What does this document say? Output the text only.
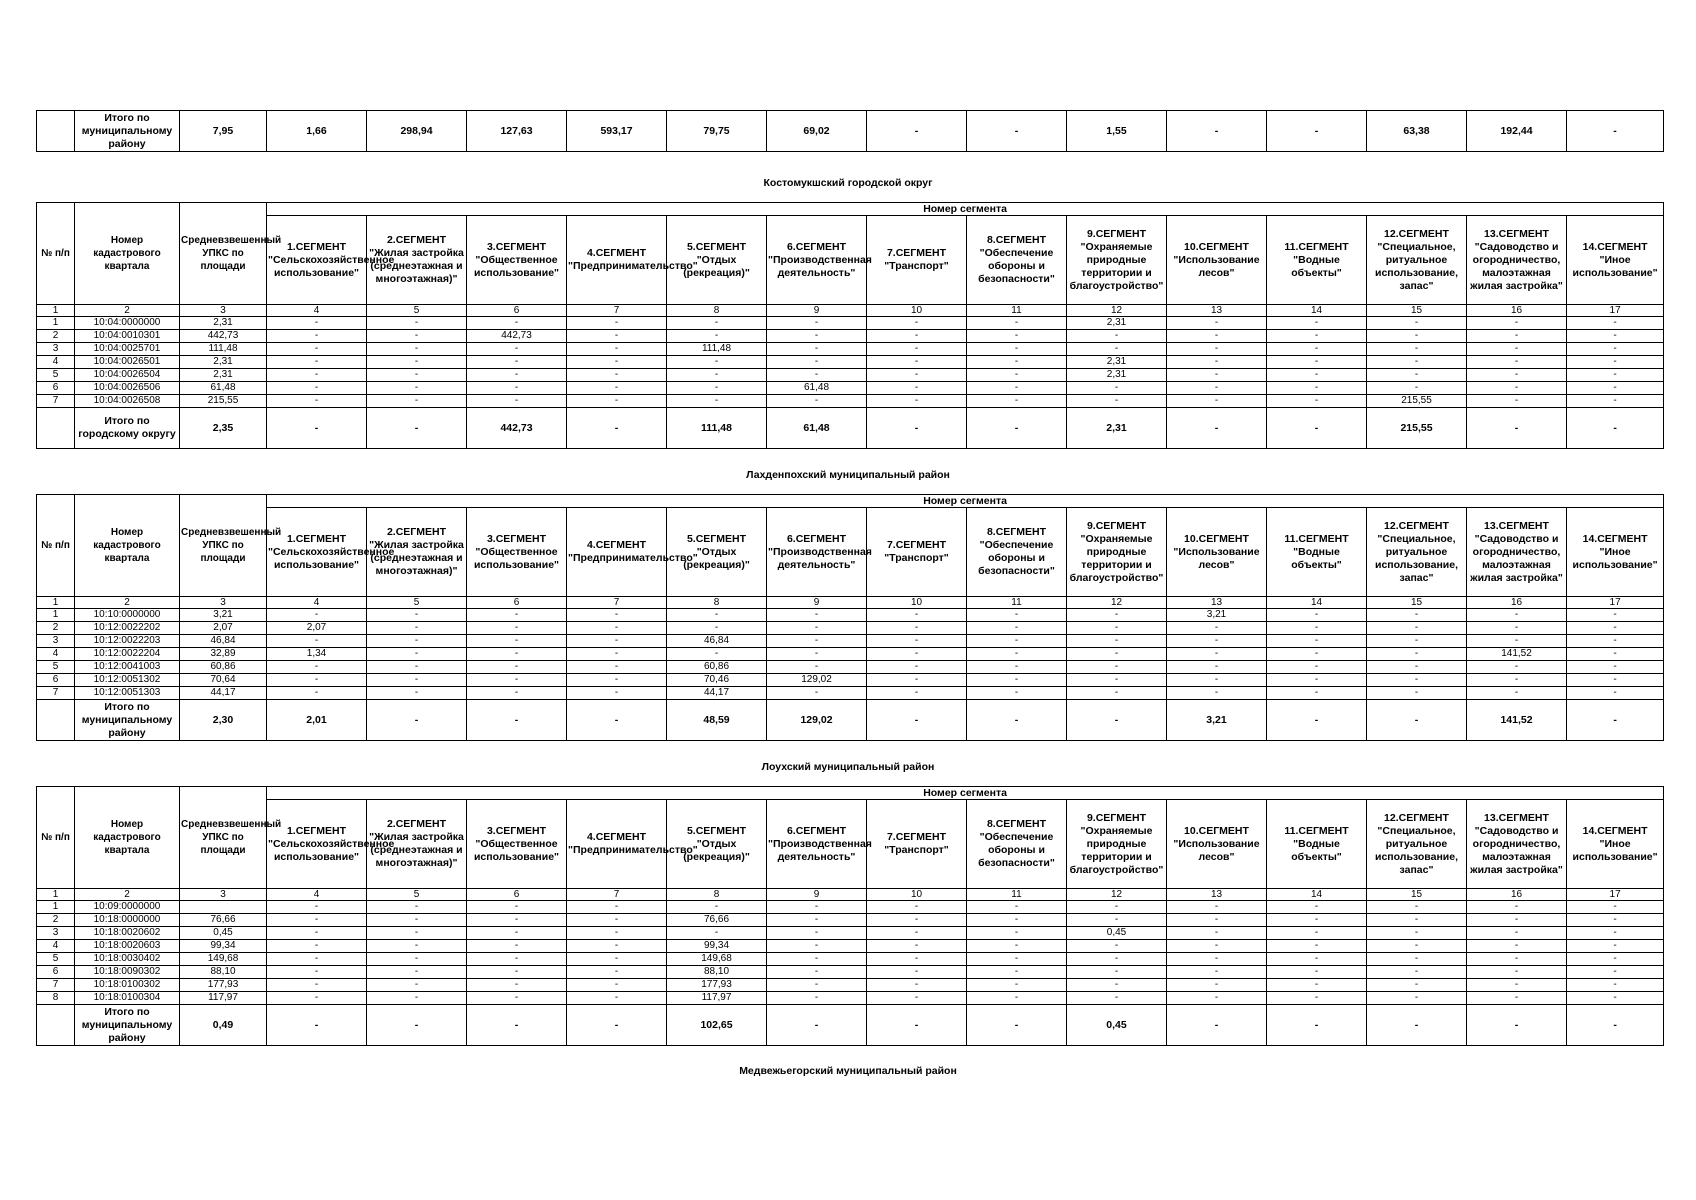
	Итого по муниципальному району	7,95	1,66	298,94	127,63	593,17	79,75	69,02	-	-	1,55	-	-	63,38	192,44	-
Костомукшский городской округ
№ п/п	Номер кадастрового квартала	Средневзвешенный УПКС по площади	Номер сегмента													
			1.СЕГМЕНТ "Сельскохозяйственное использование"	2.СЕГМЕНТ "Жилая застройка (среднеэтажная и многоэтажная)"	3.СЕГМЕНТ "Общественное использование"	4.СЕГМЕНТ "Предпринимательство"	5.СЕГМЕНТ "Отдых (рекреация)"	6.СЕГМЕНТ "Производственная деятельность"	7.СЕГМЕНТ "Транспорт"	8.СЕГМЕНТ "Обеспечение обороны и безопасности"	9.СЕГМЕНТ "Охраняемые природные территории и благоустройство"	10.СЕГМЕНТ "Использование лесов"	11.СЕГМЕНТ "Водные объекты"	12.СЕГМЕНТ "Специальное, ритуальное использование, запас"	13.СЕГМЕНТ "Садоводство и огородничество, малоэтажная жилая застройка"	14.СЕГМЕНТ "Иное использование"
1	2	3	4	5	6	7	8	9	10	11	12	13	14	15	16	17
1	10:04:0000000	2,31	-	-	-	-	-	-	-	-	2,31	-	-	-	-	-
2	10:04:0010301	442,73	-	-	442,73	-	-	-	-	-	-	-	-	-	-	-
3	10:04:0025701	111,48	-	-	-	-	111,48	-	-	-	-	-	-	-	-	-
4	10:04:0026501	2,31	-	-	-	-	-	-	-	-	2,31	-	-	-	-	-
5	10:04:0026504	2,31	-	-	-	-	-	-	-	-	2,31	-	-	-	-	-
6	10:04:0026506	61,48	-	-	-	-	-	61,48	-	-	-	-	-	-	-	-
7	10:04:0026508	215,55	-	-	-	-	-	-	-	-	-	-	-	215,55	-	-
	Итого по городскому округу	2,35	-	-	442,73	-	111,48	61,48	-	-	2,31	-	-	215,55	-	-
Лахденпохский муниципальный район
№ п/п	Номер кадастрового квартала	Средневзвешенный УПКС по площади	Номер сегмента													
			1.СЕГМЕНТ "Сельскохозяйственное использование"	2.СЕГМЕНТ "Жилая застройка (среднеэтажная и многоэтажная)"	3.СЕГМЕНТ "Общественное использование"	4.СЕГМЕНТ "Предпринимательство"	5.СЕГМЕНТ "Отдых (рекреация)"	6.СЕГМЕНТ "Производственная деятельность"	7.СЕГМЕНТ "Транспорт"	8.СЕГМЕНТ "Обеспечение обороны и безопасности"	9.СЕГМЕНТ "Охраняемые природные территории и благоустройство"	10.СЕГМЕНТ "Использование лесов"	11.СЕГМЕНТ "Водные объекты"	12.СЕГМЕНТ "Специальное, ритуальное использование, запас"	13.СЕГМЕНТ "Садоводство и огородничество, малоэтажная жилая застройка"	14.СЕГМЕНТ "Иное использование"
1	2	3	4	5	6	7	8	9	10	11	12	13	14	15	16	17
1	10:10:0000000	3,21	-	-	-	-	-	-	-	-	-	3,21	-	-	-	-
2	10:12:0022202	2,07	2,07	-	-	-	-	-	-	-	-	-	-	-	-	-
3	10:12:0022203	46,84	-	-	-	-	46,84	-	-	-	-	-	-	-	-	-
4	10:12:0022204	32,89	1,34	-	-	-	-	-	-	-	-	-	-	-	141,52	-
5	10:12:0041003	60,86	-	-	-	-	60,86	-	-	-	-	-	-	-	-	-
6	10:12:0051302	70,64	-	-	-	-	70,46	129,02	-	-	-	-	-	-	-	-
7	10:12:0051303	44,17	-	-	-	-	44,17	-	-	-	-	-	-	-	-	-
	Итого по муниципальному району	2,30	2,01	-	-	-	48,59	129,02	-	-	-	3,21	-	-	141,52	-
Лоухский муниципальный район
№ п/п	Номер кадастрового квартала	Средневзвешенный УПКС по площади	Номер сегмента													
			1.СЕГМЕНТ "Сельскохозяйственное использование"	2.СЕГМЕНТ "Жилая застройка (среднеэтажная и многоэтажная)"	3.СЕГМЕНТ "Общественное использование"	4.СЕГМЕНТ "Предпринимательство"	5.СЕГМЕНТ "Отдых (рекреация)"	6.СЕГМЕНТ "Производственная деятельность"	7.СЕГМЕНТ "Транспорт"	8.СЕГМЕНТ "Обеспечение обороны и безопасности"	9.СЕГМЕНТ "Охраняемые природные территории и благоустройство"	10.СЕГМЕНТ "Использование лесов"	11.СЕГМЕНТ "Водные объекты"	12.СЕГМЕНТ "Специальное, ритуальное использование, запас"	13.СЕГМЕНТ "Садоводство и огородничество, малоэтажная жилая застройка"	14.СЕГМЕНТ "Иное использование"
1	2	3	4	5	6	7	8	9	10	11	12	13	14	15	16	17
1	10:09:0000000		-	-	-	-	-	-	-	-	-	-	-	-	-	-
2	10:18:0000000	76,66	-	-	-	-	76,66	-	-	-	-	-	-	-	-	-
3	10:18:0020602	0,45	-	-	-	-	-	-	-	-	0,45	-	-	-	-	-
4	10:18:0020603	99,34	-	-	-	-	99,34	-	-	-	-	-	-	-	-	-
5	10:18:0030402	149,68	-	-	-	-	149,68	-	-	-	-	-	-	-	-	-
6	10:18:0090302	88,10	-	-	-	-	88,10	-	-	-	-	-	-	-	-	-
7	10:18:0100302	177,93	-	-	-	-	177,93	-	-	-	-	-	-	-	-	-
8	10:18:0100304	117,97	-	-	-	-	117,97	-	-	-	-	-	-	-	-	-
	Итого по муниципальному району	0,49	-	-	-	-	102,65	-	-	-	0,45	-	-	-	-	-
Медвежьегорский муниципальный район
